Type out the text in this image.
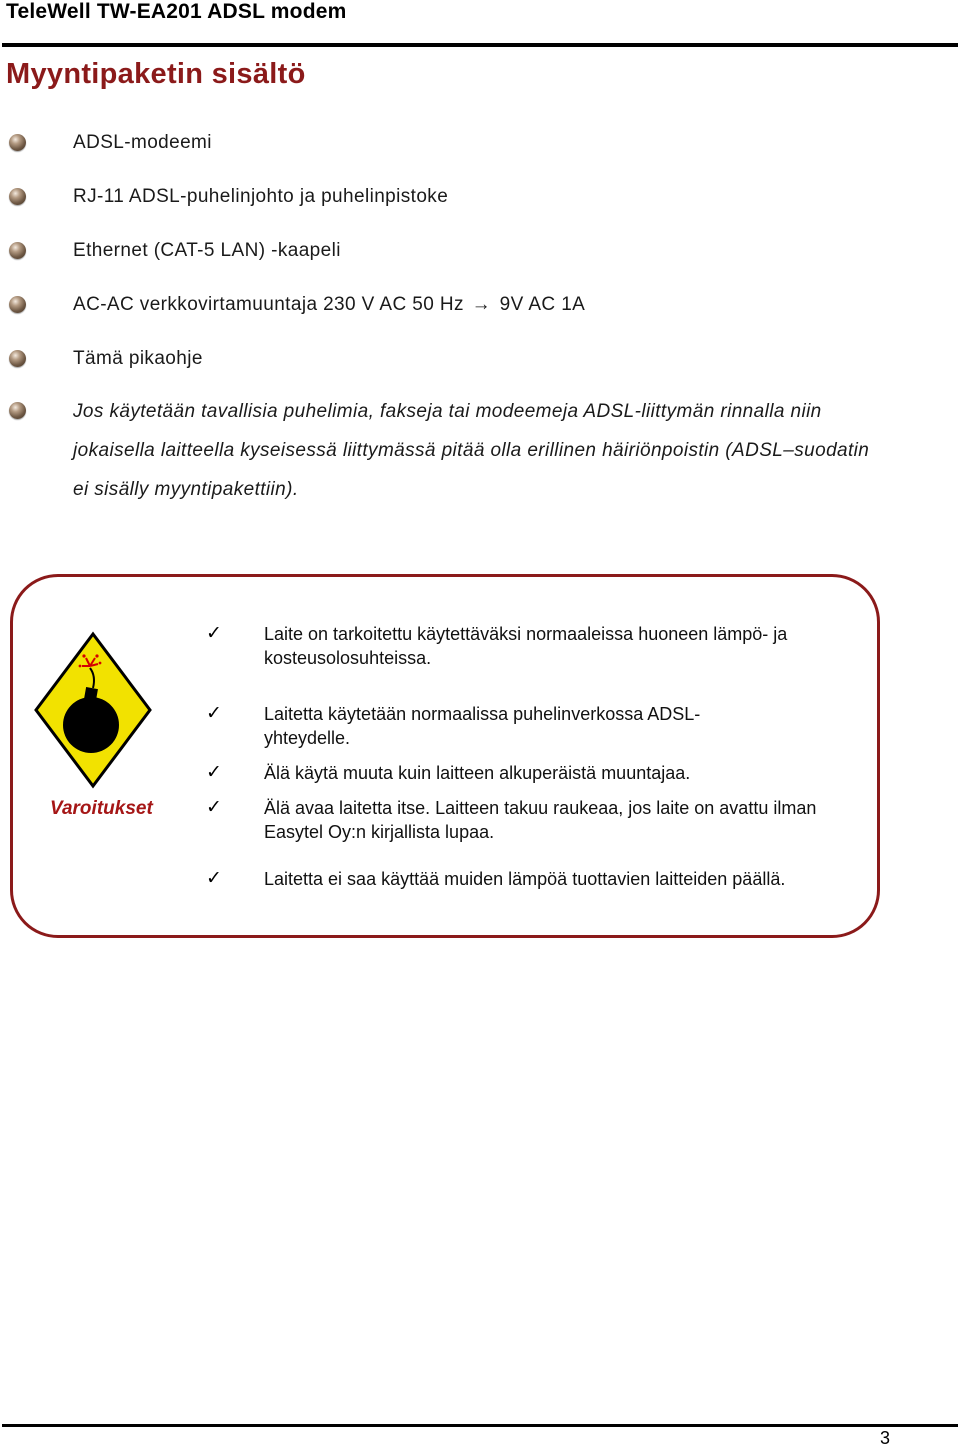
TeleWell TW-EA201 ADSL modem
Myyntipaketin sisältö
ADSL-modeemi
RJ-11 ADSL-puhelinjohto ja puhelinpistoke
Ethernet (CAT-5 LAN) -kaapeli
AC-AC verkkovirtamuuntaja 230 V AC 50 Hz → 9V AC 1A
Tämä pikaohje
Jos käytetään tavallisia puhelimia, fakseja tai modeemeja ADSL-liittymän rinnalla niin jokaisella laitteella kyseisessä liittymässä pitää olla erillinen häiriönpoistin (ADSL–suodatin ei sisälly myyntipakettiin).
Varoitukset
✓ Laite on tarkoitettu käytettäväksi normaaleissa huoneen lämpö- ja kosteusolosuhteissa.
✓ Laitetta käytetään normaalissa puhelinverkossa ADSL-yhteydelle.
✓ Älä käytä muuta kuin laitteen alkuperäistä muuntajaa.
✓ Älä avaa laitetta itse. Laitteen takuu raukeaa, jos laite on avattu ilman Easytel Oy:n kirjallista lupaa.
✓ Laitetta ei saa käyttää muiden lämpöä tuottavien laitteiden päällä.
3
